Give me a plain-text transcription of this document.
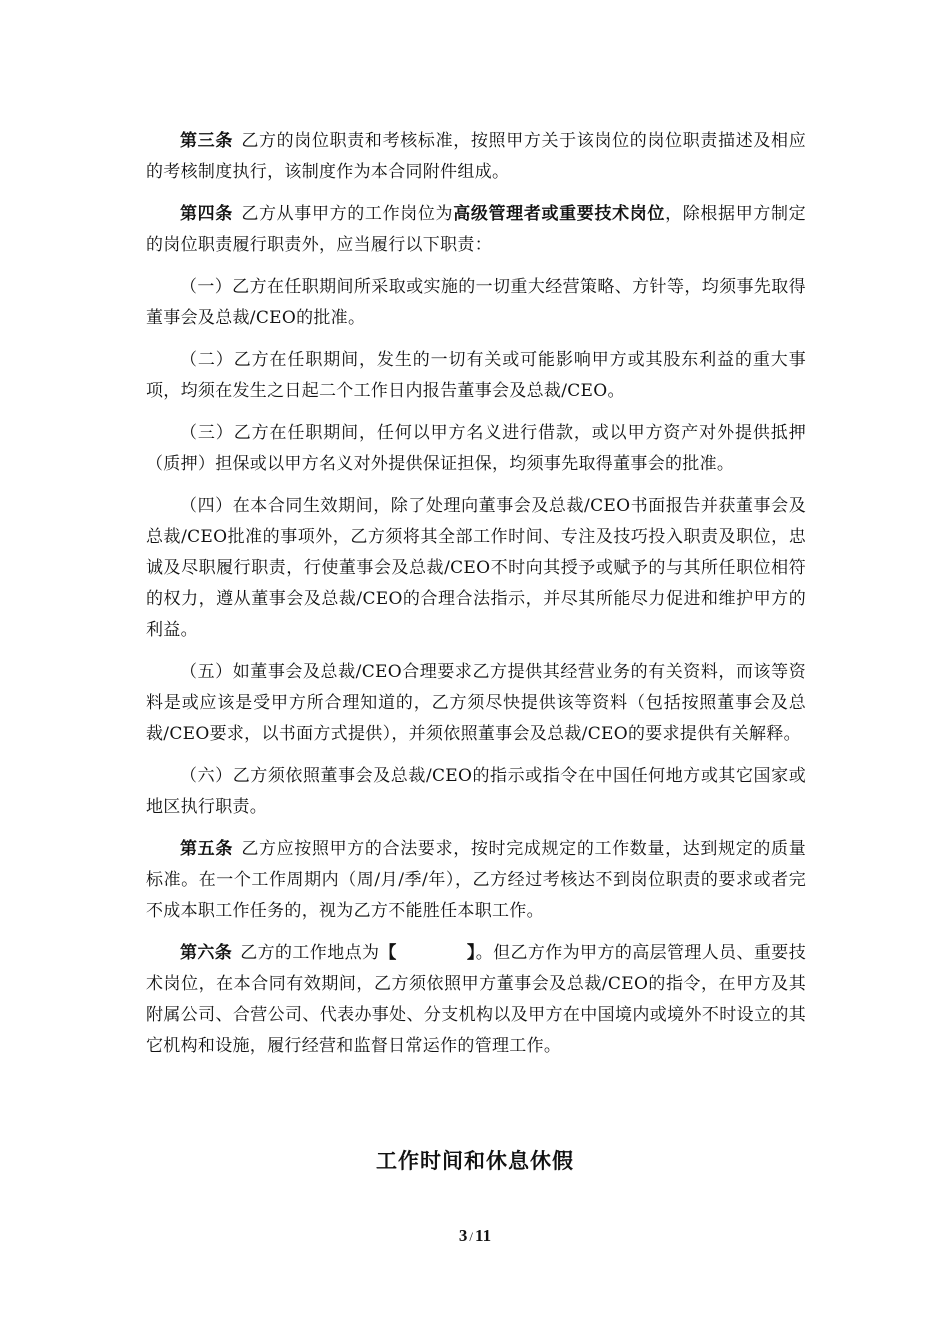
第三条 乙方的岗位职责和考核标准，按照甲方关于该岗位的岗位职责描述及相应的考核制度执行，该制度作为本合同附件组成。

第四条 乙方从事甲方的工作岗位为高级管理者或重要技术岗位，除根据甲方制定的岗位职责履行职责外，应当履行以下职责：

（一）乙方在任职期间所采取或实施的一切重大经营策略、方针等，均须事先取得董事会及总裁/CEO的批准。

（二）乙方在任职期间，发生的一切有关或可能影响甲方或其股东利益的重大事项，均须在发生之日起二个工作日内报告董事会及总裁/CEO。

（三）乙方在任职期间，任何以甲方名义进行借款，或以甲方资产对外提供抵押（质押）担保或以甲方名义对外提供保证担保，均须事先取得董事会的批准。

（四）在本合同生效期间，除了处理向董事会及总裁/CEO书面报告并获董事会及总裁/CEO批准的事项外，乙方须将其全部工作时间、专注及技巧投入职责及职位，忠诚及尽职履行职责，行使董事会及总裁/CEO不时向其授予或赋予的与其所任职位相符的权力，遵从董事会及总裁/CEO的合理合法指示，并尽其所能尽力促进和维护甲方的利益。

（五）如董事会及总裁/CEO合理要求乙方提供其经营业务的有关资料，而该等资料是或应该是受甲方所合理知道的，乙方须尽快提供该等资料（包括按照董事会及总裁/CEO要求，以书面方式提供），并须依照董事会及总裁/CEO的要求提供有关解释。

（六）乙方须依照董事会及总裁/CEO的指示或指令在中国任何地方或其它国家或地区执行职责。

第五条 乙方应按照甲方的合法要求，按时完成规定的工作数量，达到规定的质量标准。在一个工作周期内（周/月/季/年），乙方经过考核达不到岗位职责的要求或者完不成本职工作任务的，视为乙方不能胜任本职工作。

第六条 乙方的工作地点为【	】。但乙方作为甲方的高层管理人员、重要技术岗位，在本合同有效期间，乙方须依照甲方董事会及总裁/CEO的指令，在甲方及其附属公司、合营公司、代表办事处、分支机构以及甲方在中国境内或境外不时设立的其它机构和设施，履行经营和监督日常运作的管理工作。

工作时间和休息休假
3 / 11
